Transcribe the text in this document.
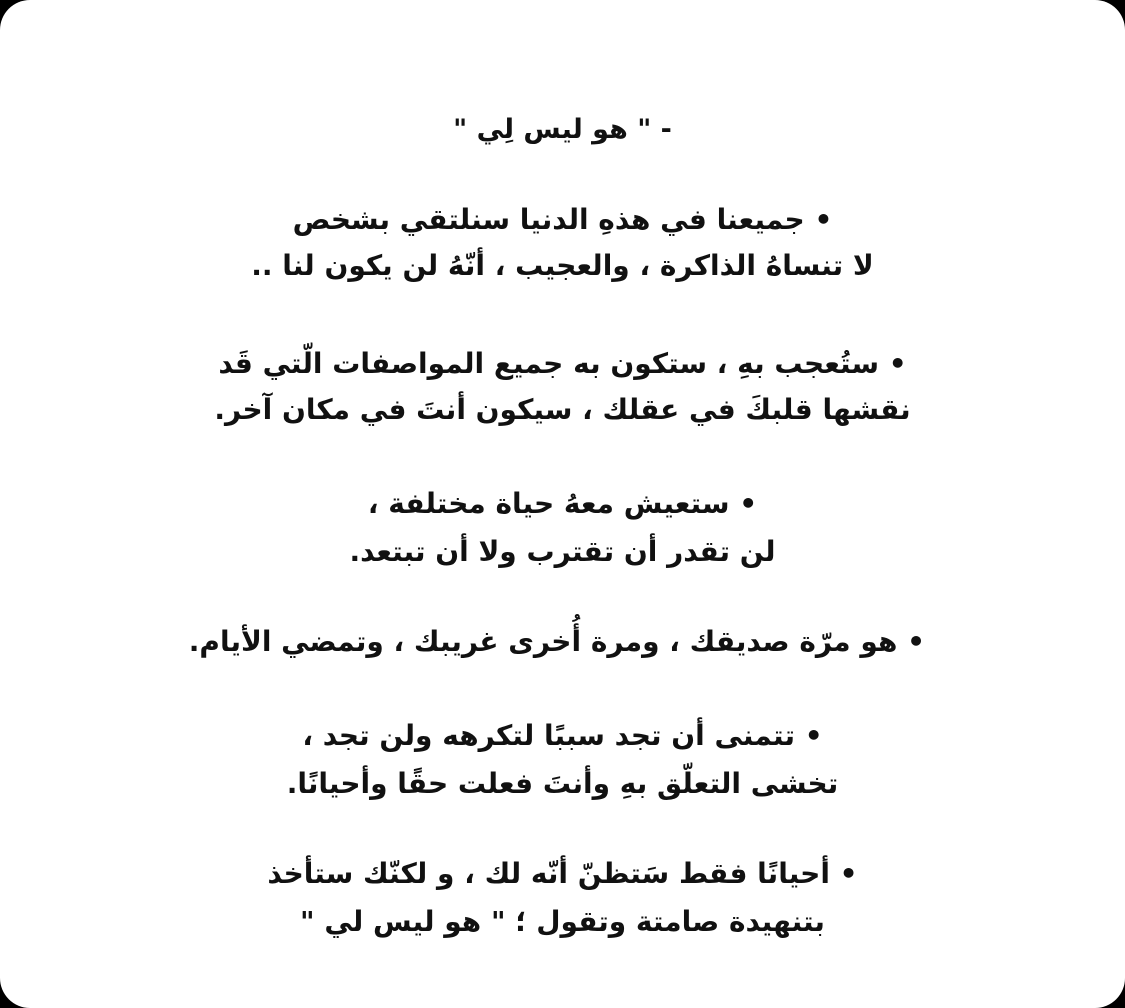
- " هو ليس لِي "
• جميعنا في هذهِ الدنيا سنلتقي بشخص
لا تنساهُ الذاكرة ، والعجيب ، أنّهُ لن يكون لنا ..
• ستُعجب بهِ ، ستكون به جميع المواصفات الّتي قَد
نقشها قلبكَ في عقلك ، سيكون أنتَ في مكان آخر.
• ستعيش معهُ حياة مختلفة ،
لن تقدر أن تقترب ولا أن تبتعد.
• هو مرّة صديقك ، ومرة أُخرى غريبك ، وتمضي الأيام.
• تتمنى أن تجد سببًا لتكرهه ولن تجد ،
تخشى التعلّق بهِ وأنتَ فعلت حقًا وأحيانًا.
• أحيانًا فقط سَتظنّ أنّه لك ، و لكنّك ستأخذ
بتنهيدة صامتة وتقول ؛ " هو ليس لي "
